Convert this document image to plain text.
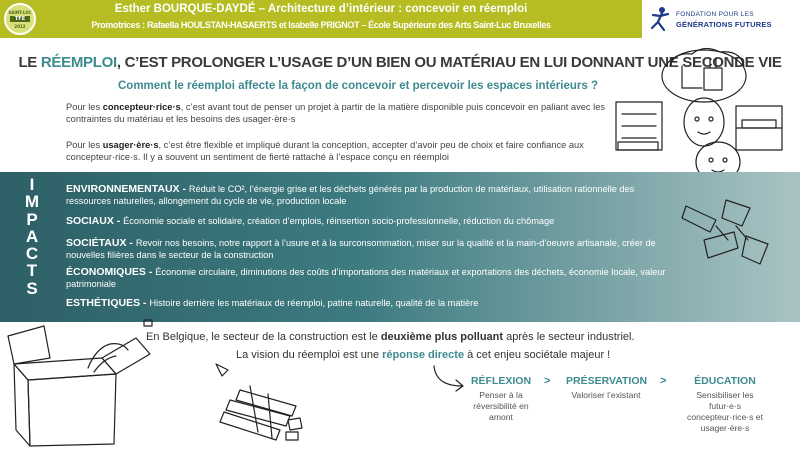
SAINT-LUC
TFE
2022
Esther BOURQUE-DAYDÉ – Architecture d’intérieur : concevoir en réemploi
Promotrices : Rafaella HOULSTAN-HASAERTS et Isabelle PRIGNOT – École Supérieure des Arts Saint-Luc Bruxelles
FONDATION POUR LES
GÉNÉRATIONS FUTURES
LE RÉEMPLOI, C’EST PROLONGER L’USAGE D’UN BIEN OU MATÉRIAU EN LUI DONNANT UNE SECONDE VIE
Comment le réemploi affecte la façon de concevoir et percevoir les espaces intérieurs ?
Pour les concepteur·rice·s, c’est avant tout de penser un projet à partir de la matière disponible puis concevoir en paliant avec les contraintes du matériau et les besoins des usager·ère·s
Pour les usager·ère·s, c’est être flexible et impliqué durant la conception, accepter d’avoir peu de choix et faire confiance aux concepteur·rice·s. Il y a souvent un sentiment de fierté rattaché à l’espace conçu en réemploi
I
M
P
A
C
T
S
ENVIRONNEMENTAUX - Réduit le CO², l’énergie grise et les déchets générés par la production de matériaux, utilisation rationnelle des ressources naturelles, allongement du cycle de vie, production locale
SOCIAUX - Économie sociale et solidaire, création d’emplois, réinsertion socio-professionnelle, réduction du chômage
SOCIÉTAUX - Revoir nos besoins, notre rapport à l’usure et à la surconsommation, miser sur la qualité et la main-d’oeuvre artisanale, créer de nouvelles filières dans le secteur de la construction
ÉCONOMIQUES - Économie circulaire, diminutions des coûts d’importations des matériaux et exportations des déchets, économie locale, valeur patrimoniale
ESTHÉTIQUES - Histoire derrière les matériaux de réemploi, patine naturelle, qualité de la matière
En Belgique, le secteur de la construction est le deuxième plus polluant après le secteur industriel.
La vision du réemploi est une réponse directe à cet enjeu sociétale majeur !
RÉFLEXION
Penser à la réversibilité en amont
> PRÉSERVATION
Valoriser l’existant
>	ÉDUCATION
Sensibiliser les futur·e·s concepteur·rice·s et usager·ère·s
